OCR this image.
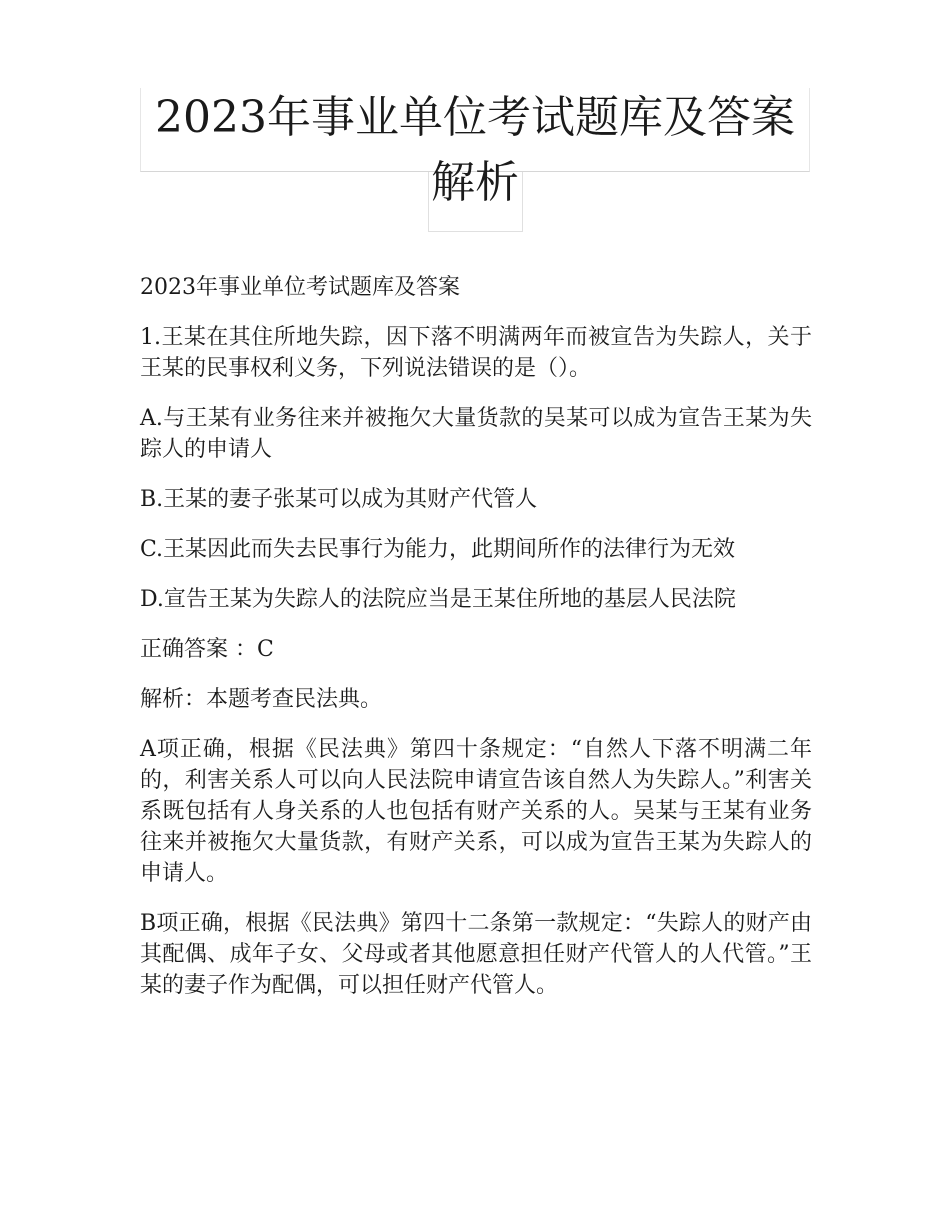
2023年事业单位考试题库及答案
解析

2023年事业单位考试题库及答案

1.王某在其住所地失踪，因下落不明满两年而被宣告为失踪人，关于王某的民事权利义务，下列说法错误的是（）。

A.与王某有业务往来并被拖欠大量货款的吴某可以成为宣告王某为失踪人的申请人

B.王某的妻子张某可以成为其财产代管人

C.王某因此而失去民事行为能力，此期间所作的法律行为无效

D.宣告王某为失踪人的法院应当是王某住所地的基层人民法院

正确答案 ：C

解析：本题考查民法典。

A项正确，根据《民法典》第四十条规定：“自然人下落不明满二年的，利害关系人可以向人民法院申请宣告该自然人为失踪人。”利害关系既包括有人身关系的人也包括有财产关系的人。吴某与王某有业务往来并被拖欠大量货款，有财产关系，可以成为宣告王某为失踪人的申请人。

B项正确，根据《民法典》第四十二条第一款规定：“失踪人的财产由其配偶、成年子女、父母或者其他愿意担任财产代管人的人代管。”王某的妻子作为配偶，可以担任财产代管人。
